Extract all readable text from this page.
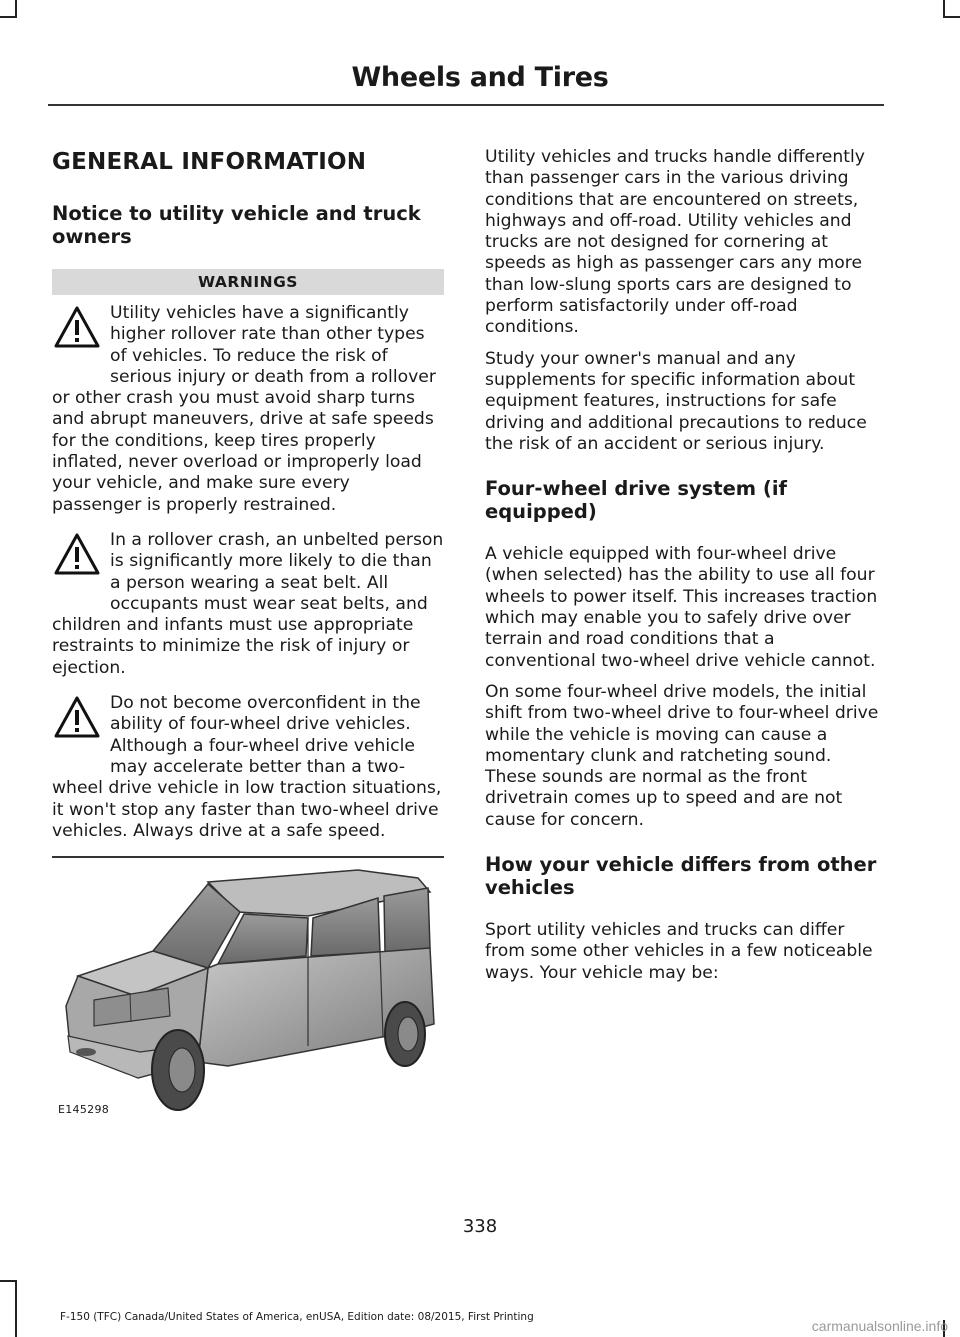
Wheels and Tires
GENERAL INFORMATION
Notice to utility vehicle and truck owners
WARNINGS
Utility vehicles have a significantly higher rollover rate than other types of vehicles. To reduce the risk of serious injury or death from a rollover or other crash you must avoid sharp turns and abrupt maneuvers, drive at safe speeds for the conditions, keep tires properly inflated, never overload or improperly load your vehicle, and make sure every passenger is properly restrained.
In a rollover crash, an unbelted person is significantly more likely to die than a person wearing a seat belt. All occupants must wear seat belts, and children and infants must use appropriate restraints to minimize the risk of injury or ejection.
Do not become overconfident in the ability of four-wheel drive vehicles. Although a four-wheel drive vehicle may accelerate better than a two-wheel drive vehicle in low traction situations, it won't stop any faster than two-wheel drive vehicles. Always drive at a safe speed.
E145298

Utility vehicles and trucks handle differently than passenger cars in the various driving conditions that are encountered on streets, highways and off-road. Utility vehicles and trucks are not designed for cornering at speeds as high as passenger cars any more than low-slung sports cars are designed to perform satisfactorily under off-road conditions.

Study your owner's manual and any supplements for specific information about equipment features, instructions for safe driving and additional precautions to reduce the risk of an accident or serious injury.

Four-wheel drive system (if equipped)

A vehicle equipped with four-wheel drive (when selected) has the ability to use all four wheels to power itself. This increases traction which may enable you to safely drive over terrain and road conditions that a conventional two-wheel drive vehicle cannot.

On some four-wheel drive models, the initial shift from two-wheel drive to four-wheel drive while the vehicle is moving can cause a momentary clunk and ratcheting sound. These sounds are normal as the front drivetrain comes up to speed and are not cause for concern.

How your vehicle differs from other vehicles

Sport utility vehicles and trucks can differ from some other vehicles in a few noticeable ways. Your vehicle may be:

338
F-150 (TFC) Canada/United States of America, enUSA, Edition date: 08/2015, First Printing
carmanualsonline.info
